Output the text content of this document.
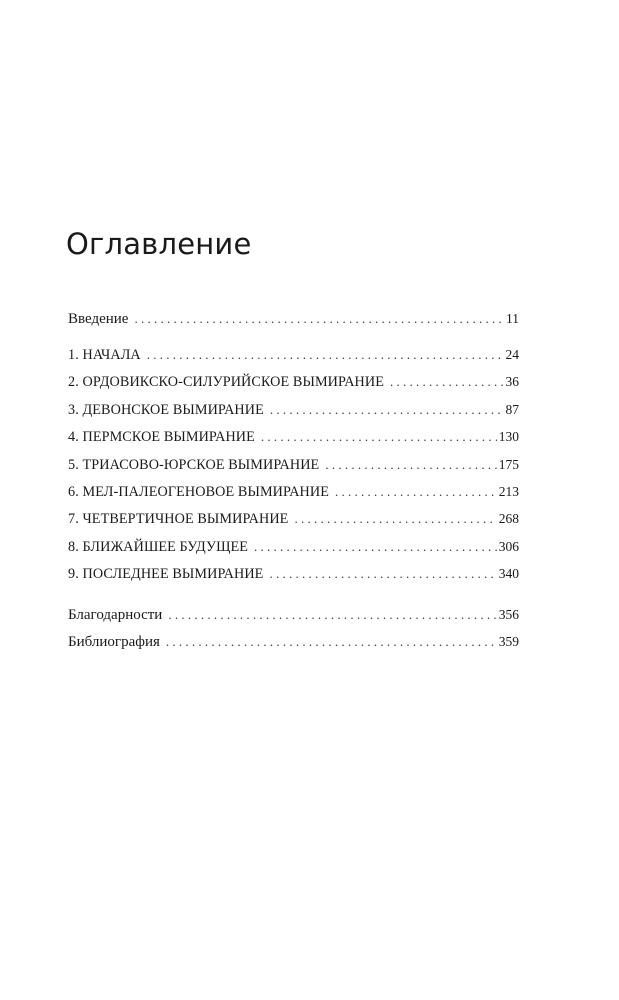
Оглавление
Введение . . .	11
1. НАЧАЛА . . .	24
2. ОРДОВИКСКО-СИЛУРИЙСКОЕ ВЫМИРАНИЕ . . .	36
3. ДЕВОНСКОЕ ВЫМИРАНИЕ . . .	87
4. ПЕРМСКОЕ ВЫМИРАНИЕ . . .	130
5. ТРИАСОВО-ЮРСКОЕ ВЫМИРАНИЕ . . .	175
6. МЕЛ-ПАЛЕОГЕНОВОЕ ВЫМИРАНИЕ . . .	213
7. ЧЕТВЕРТИЧНОЕ ВЫМИРАНИЕ . . .	268
8. БЛИЖАЙШЕЕ БУДУЩЕЕ . . .	306
9. ПОСЛЕДНЕЕ ВЫМИРАНИЕ . . .	340
Благодарности . . .	356
Библиография . . .	359
